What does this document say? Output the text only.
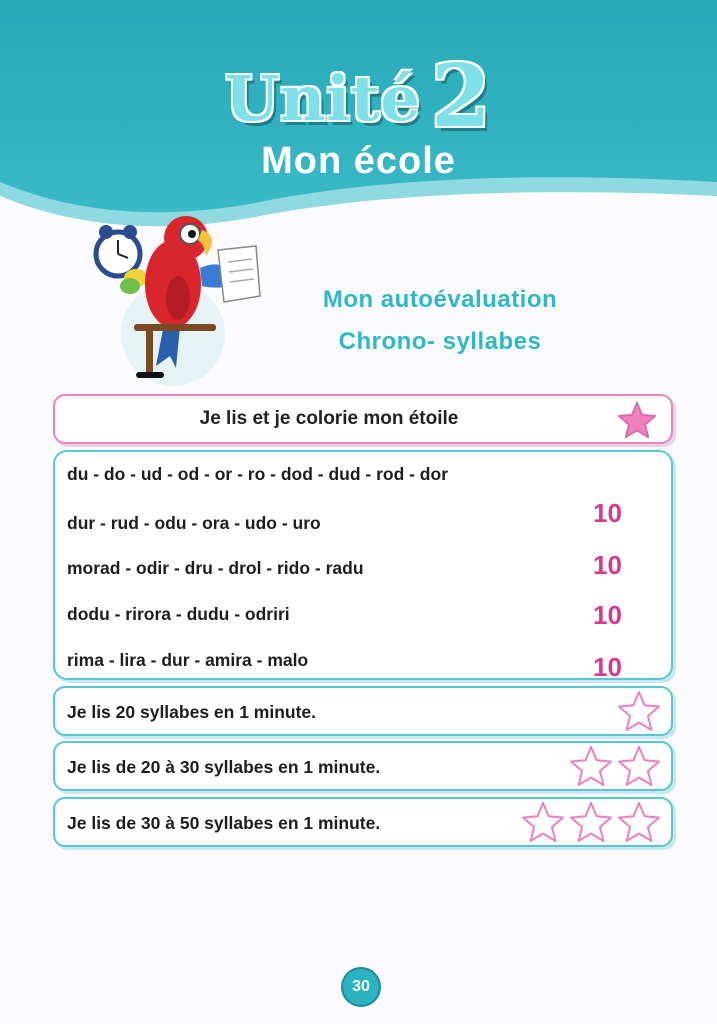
Unité 2
Mon école
Mon autoévaluation
Chrono- syllabes
Je lis et je colorie mon étoile
du - do - ud - od - or - ro - dod - dud - rod - dor
dur - rud - odu - ora - udo - uro	10
morad - odir - dru - drol - rido - radu	10
dodu - rirora - dudu - odriri	10
rima - lira - dur - amira - malo	10
Je lis 20 syllabes en 1 minute.
Je lis de 20 à 30 syllabes en 1 minute.
Je lis de 30 à 50 syllabes en 1 minute.
30
